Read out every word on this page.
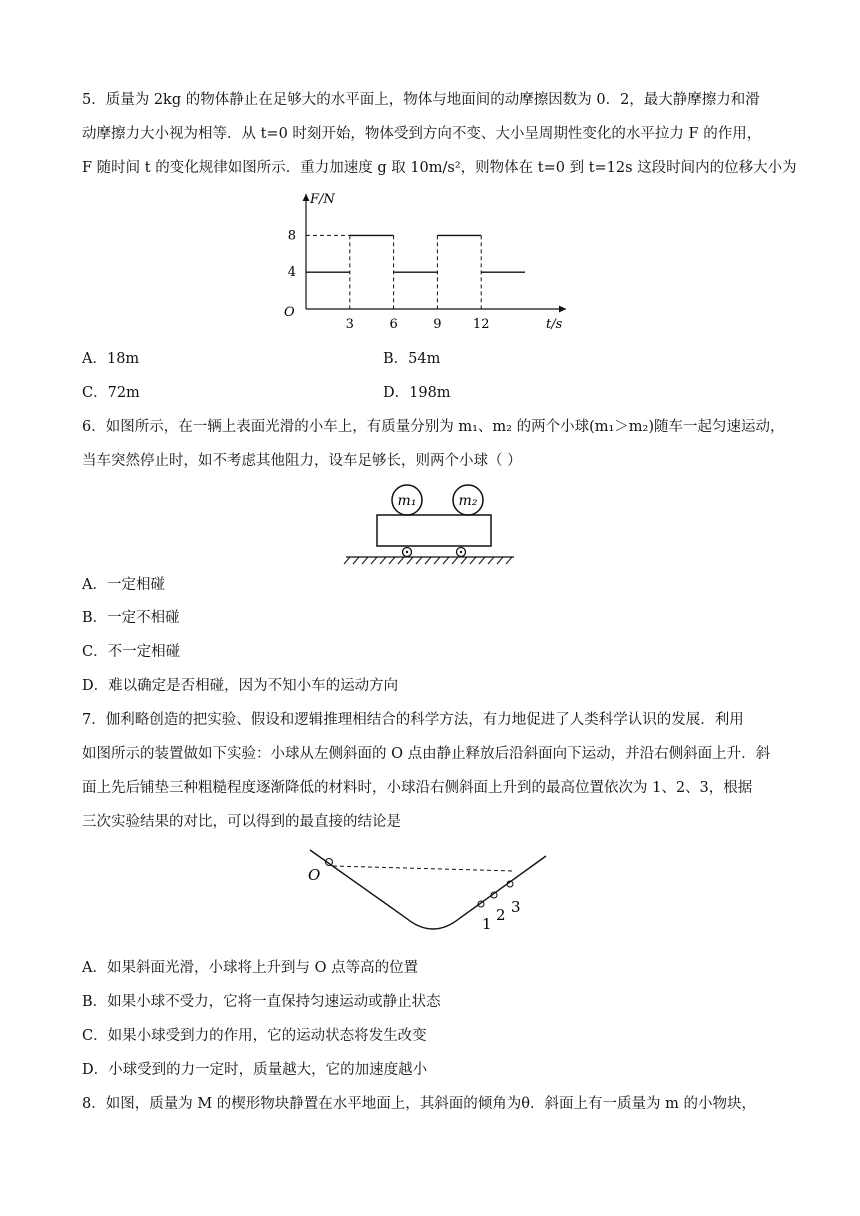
5．质量为 2kg 的物体静止在足够大的水平面上，物体与地面间的动摩擦因数为 0．2，最大静摩擦力和滑
动摩擦力大小视为相等．从 t=0 时刻开始，物体受到方向不变、大小呈周期性变化的水平拉力 F 的作用，
F 随时间 t 的变化规律如图所示．重力加速度 g 取 10m/s²，则物体在 t=0 到 t=12s 这段时间内的位移大小为
F/N
t/s
O
8
4
3	6	9 12
A．18m	B．54m
C．72m	D．198m
6．如图所示，在一辆上表面光滑的小车上，有质量分别为 m₁、m₂ 的两个小球(m₁＞m₂)随车一起匀速运动，
当车突然停止时，如不考虑其他阻力，设车足够长，则两个小球（ ）
m₁	m₂
A．一定相碰
B．一定不相碰
C．不一定相碰
D．难以确定是否相碰，因为不知小车的运动方向
7．伽利略创造的把实验、假设和逻辑推理相结合的科学方法，有力地促进了人类科学认识的发展．利用
如图所示的装置做如下实验：小球从左侧斜面的 O 点由静止释放后沿斜面向下运动，并沿右侧斜面上升．斜
面上先后铺垫三种粗糙程度逐渐降低的材料时，小球沿右侧斜面上升到的最高位置依次为 1、2、3，根据
三次实验结果的对比，可以得到的最直接的结论是
O
1 2 3
A．如果斜面光滑，小球将上升到与 O 点等高的位置
B．如果小球不受力，它将一直保持匀速运动或静止状态
C．如果小球受到力的作用，它的运动状态将发生改变
D．小球受到的力一定时，质量越大，它的加速度越小
8．如图，质量为 M 的楔形物块静置在水平地面上，其斜面的倾角为θ．斜面上有一质量为 m 的小物块，
